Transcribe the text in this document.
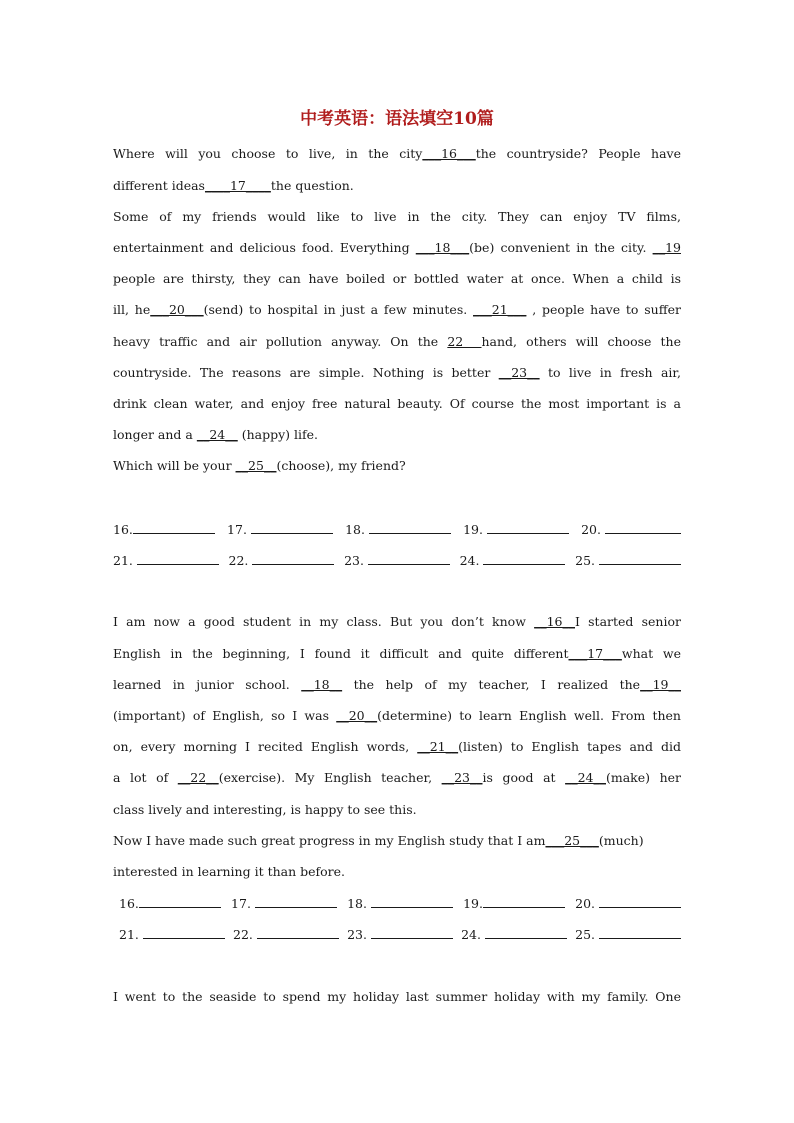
中考英语：语法填空10篇
Where will you choose to live, in the city___16___the countryside? People have
different ideas____17____the question.
Some of my friends would like to live in the city. They can enjoy TV films,
entertainment and delicious food. Everything ___18___(be) convenient in the city. __19
people are thirsty, they can have boiled or bottled water at once. When a child is
ill, he___20___(send) to hospital in just a few minutes. ___21___ , people have to suffer
heavy traffic and air pollution anyway. On the 22  hand, others will choose the
countryside. The reasons are simple. Nothing is better __23__ to live in fresh air,
drink clean water, and enjoy free natural beauty. Of course the most important is a
longer and a __24__ (happy) life.
Which will be your __25__(choose), my friend?
16.	17.	18.	19.	20.
21.	22.	23.	24.	25.
I am now a good student in my class. But you don’t know __16__I started senior
English in the beginning, I found it difficult and quite different___17___what we
learned in junior school. __18__ the help of my teacher, I realized the__19__
(important) of English, so I was __20__(determine) to learn English well. From then
on, every morning I recited English words, __21__(listen) to English tapes and did
a lot of __22__(exercise). My English teacher, __23__is good at __24__(make) her
class lively and interesting, is happy to see this.
Now I have made such great progress in my English study that I am___25___(much)
interested in learning it than before.
16.	17.	18.	19.	20.
21.	22.	23.	24.	25.
I went to the seaside to spend my holiday last summer holiday with my family. One
